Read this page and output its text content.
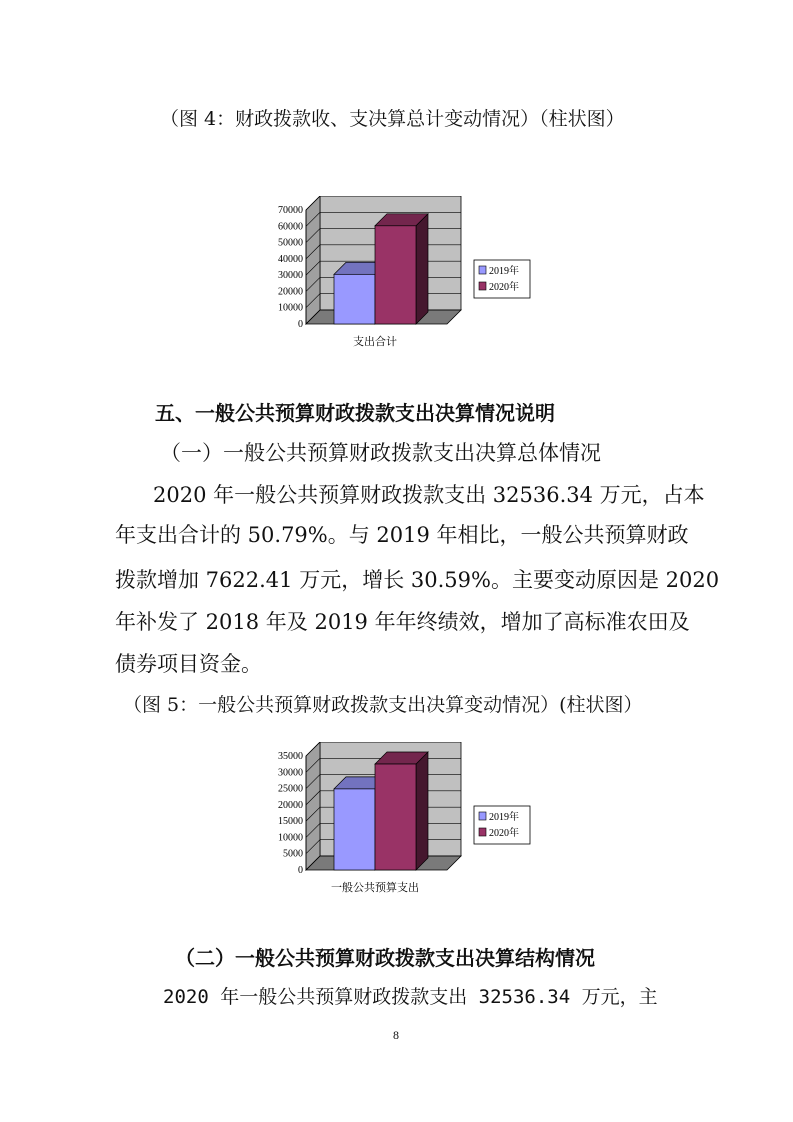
（图 4：财政拨款收、支决算总计变动情况）（柱状图）
0
10000
20000
30000
40000
50000
60000
70000
支出合计
2019年
2020年
五、一般公共预算财政拨款支出决算情况说明
（一）一般公共预算财政拨款支出决算总体情况
2020 年一般公共预算财政拨款支出 32536.34 万元，占本
年支出合计的 50.79%。与 2019 年相比，一般公共预算财政
拨款增加 7622.41 万元，增长 30.59%。主要变动原因是 2020
年补发了 2018 年及 2019 年年终绩效，增加了高标准农田及
债券项目资金。
（图 5：一般公共预算财政拨款支出决算变动情况）(柱状图）
0
5000
10000
15000
20000
25000
30000
35000
一般公共预算支出
2019年
2020年
（二）一般公共预算财政拨款支出决算结构情况
2020 年一般公共预算财政拨款支出 32536.34 万元，主
8
